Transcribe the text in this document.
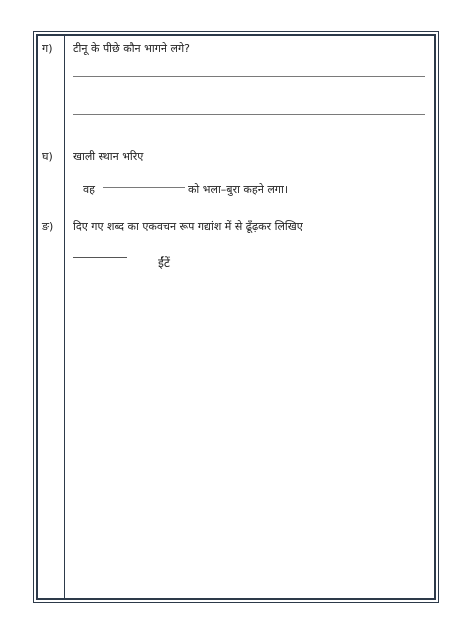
ग) टीनू के पीछे कौन भागने लगे?
घ) खाली स्थान भरिए
वह	को भला–बुरा कहने लगा।
ङ) दिए गए शब्द का एकवचन रूप गद्यांश में से ढूँढ़कर लिखिए
ईंटें
